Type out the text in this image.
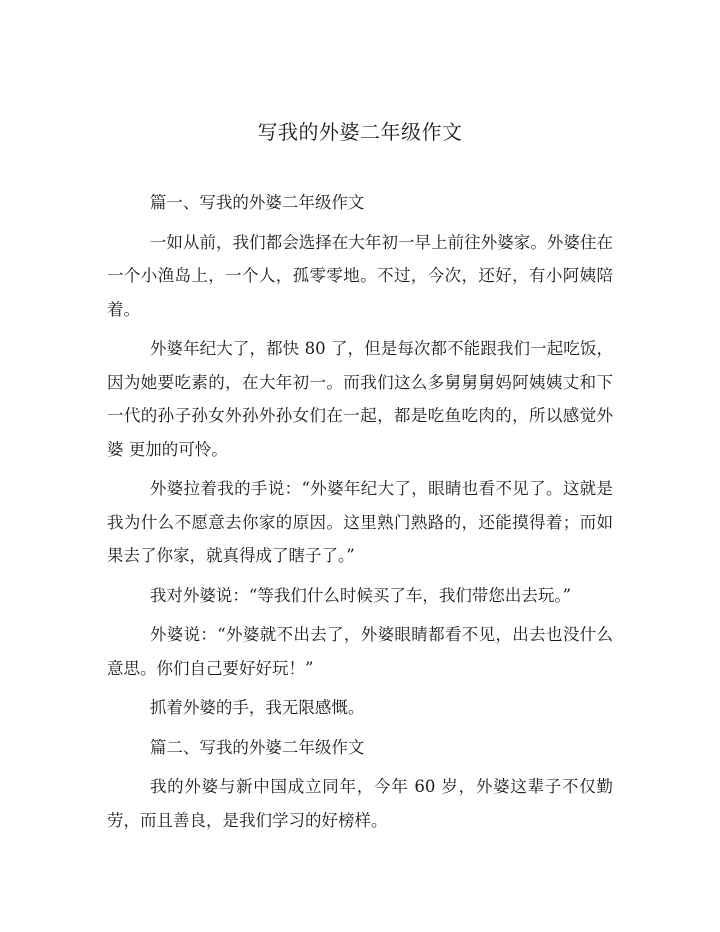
写我的外婆二年级作文

篇一、写我的外婆二年级作文

一如从前，我们都会选择在大年初一早上前往外婆家。外婆住在一个小渔岛上，一个人，孤零零地。不过，今次，还好，有小阿姨陪着。

外婆年纪大了，都快 80 了，但是每次都不能跟我们一起吃饭，因为她要吃素的，在大年初一。而我们这么多舅舅舅妈阿姨姨丈和下一代的孙子孙女外孙外孙女们在一起，都是吃鱼吃肉的，所以感觉外婆 更加的可怜。

外婆拉着我的手说：“外婆年纪大了，眼睛也看不见了。这就是我为什么不愿意去你家的原因。这里熟门熟路的，还能摸得着；而如果去了你家，就真得成了瞎子了。”

我对外婆说：“等我们什么时候买了车，我们带您出去玩。”

外婆说：“外婆就不出去了，外婆眼睛都看不见，出去也没什么意思。你们自己要好好玩！”

抓着外婆的手，我无限感慨。

篇二、写我的外婆二年级作文

我的外婆与新中国成立同年，今年 60 岁，外婆这辈子不仅勤劳，而且善良，是我们学习的好榜样。
